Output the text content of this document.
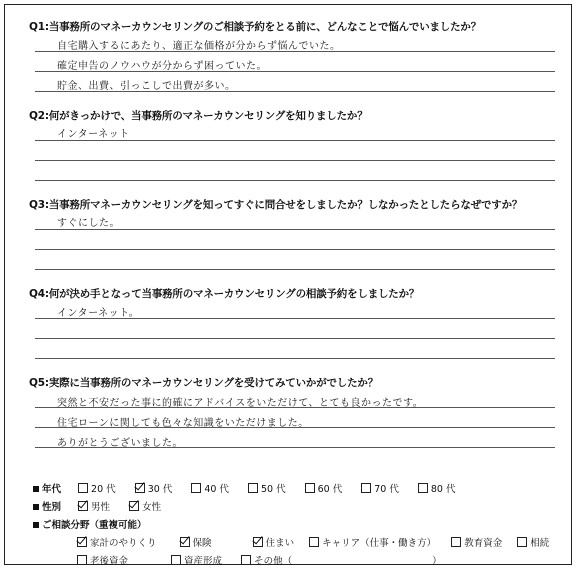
Q1:当事務所のマネーカウンセリングのご相談予約をとる前に、どんなことで悩んでいましたか？
自宅購入するにあたり、適正な価格が分からず悩んでいた。
確定申告のノウハウが分からず困っていた。
貯金、出費、引っこしで出費が多い。
Q2:何がきっかけで、当事務所のマネーカウンセリングを知りましたか？
インターネット
Q3:当事務所マネーカウンセリングを知ってすぐに問合せをしましたか？しなかったとしたらなぜですか？
すぐにした。
Q4:何が決め手となって当事務所のマネーカウンセリングの相談予約をしましたか？
インターネット。
Q5:実際に当事務所のマネーカウンセリングを受けてみていかがでしたか？
突然と不安だった事に的確にアドバイスをいただけて、とても良かったです。
住宅ローンに関しても色々な知識をいただけました。
ありがとうございました。
年代	20 代	30 代	40 代	50 代	60 代	70 代	80 代
性別	男性	女性
ご相談分野（重複可能）
家計のやりくり	保険	住まい	キャリア（仕事・働き方）	教育資金	相続
老後資金	資産形成	その他（	）
